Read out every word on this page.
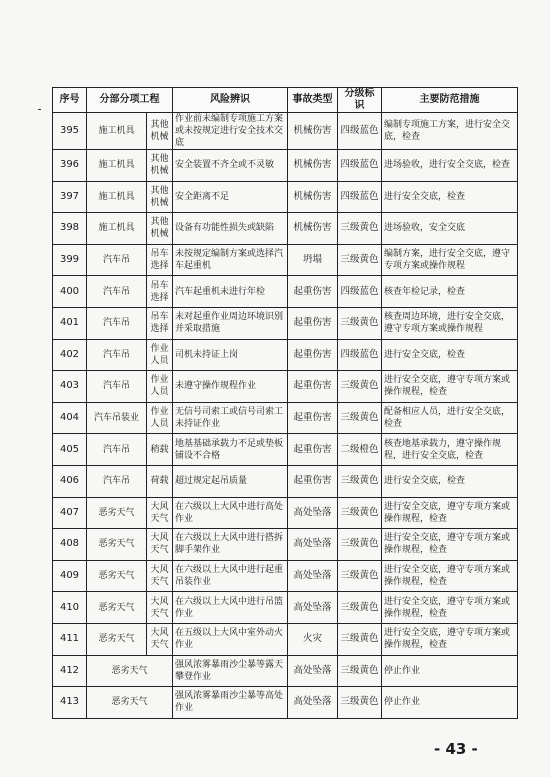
序号	分部分项工程		风险辨识	事故类型	分级标识	主要防范措施
395	施工机具	其他机械	作业前未编制专项施工方案或未按规定进行安全技术交底	机械伤害	四级蓝色	编制专项施工方案，进行安全交底，检查
396	施工机具	其他机械	安全装置不齐全或不灵敏	机械伤害	四级蓝色	进场验收，进行安全交底，检查
397	施工机具	其他机械	安全距离不足	机械伤害	四级蓝色	进行安全交底，检查
398	施工机具	其他机械	设备有功能性损失或缺陷	机械伤害	三级黄色	进场验收，安全交底
399	汽车吊	吊车选择	未按规定编制方案或选择汽车起重机	坍塌	三级黄色	编制方案，进行安全交底，遵守专项方案或操作规程
400	汽车吊	吊车选择	汽车起重机未进行年检	起重伤害	四级蓝色	核查年检记录，检查
401	汽车吊	吊车选择	未对起重作业周边环境识别并采取措施	起重伤害	三级黄色	核查周边环境，进行安全交底，遵守专项方案或操作规程
402	汽车吊	作业人员	司机未持证上岗	起重伤害	四级蓝色	进行安全交底，检查
403	汽车吊	作业人员	未遵守操作规程作业	起重伤害	三级黄色	进行安全交底，遵守专项方案或操作规程，检查
404	汽车吊装业	作业人员	无信号司索工或信号司索工未持证作业	起重伤害	三级黄色	配备相应人员，进行安全交底，检查
405	汽车吊	稍载	地基基础承载力不足或垫板铺设不合格	起重伤害	二级橙色	核查地基承载力，遵守操作规程，进行安全交底，检查
406	汽车吊	荷载	超过规定起吊质量	起重伤害	三级黄色	进行安全交底，检查
407	恶劣天气	大风天气	在六级以上大风中进行高处作业	高处坠落	三级黄色	进行安全交底，遵守专项方案或操作规程，检查
408	恶劣天气	大风天气	在六级以上大风中进行搭拆脚手架作业	高处坠落	三级黄色	进行安全交底，遵守专项方案或操作规程，检查
409	恶劣天气	大风天气	在六级以上大风中进行起重吊装作业	高处坠落	三级黄色	进行安全交底，遵守专项方案或操作规程，检查
410	恶劣天气	大风天气	在六级以上大风中进行吊篮作业	高处坠落	三级黄色	进行安全交底，遵守专项方案或操作规程，检查
411	恶劣天气	大风天气	在五级以上大风中室外动火作业	火灾	三级黄色	进行安全交底，遵守专项方案或操作规程，检查
412	恶劣天气		强风浓雾暴雨沙尘暴等露天攀登作业	高处坠落	三级黄色	停止作业
413	恶劣天气		强风浓雾暴雨沙尘暴等高处作业	高处坠落	三级黄色	停止作业
- 43 -
